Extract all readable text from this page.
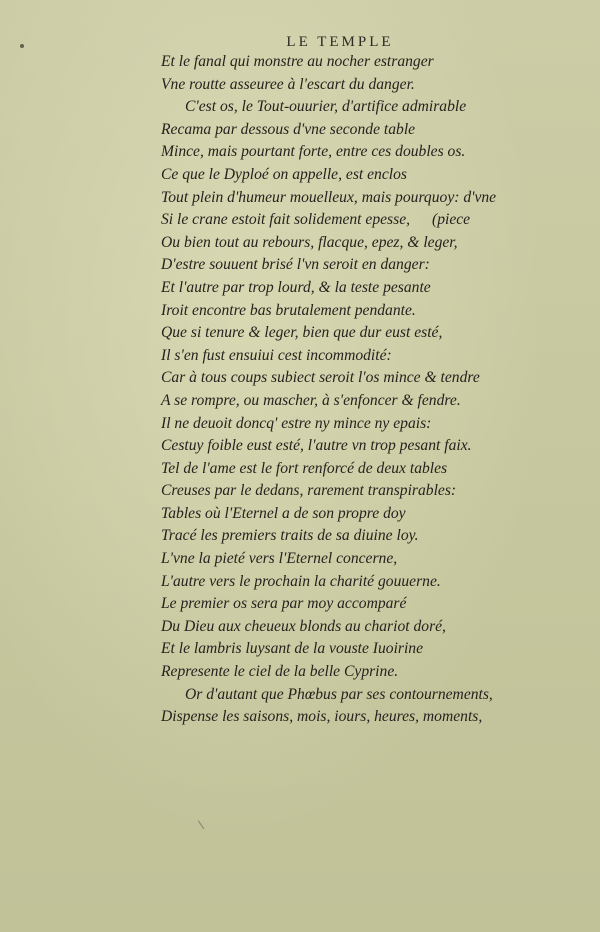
LE TEMPLE
Et le fanal qui monstre au nocher estranger
Vne routte asseuree à l'escart du danger.
C'est os, le Tout-ouurier, d'artifice admirable
Recama par dessous d'vne seconde table
Mince, mais pourtant forte, entre ces doubles os.
Ce que le Dyploé on appelle, est enclos
Tout plein d'humeur mouelleux, mais pourquoy: d'vne
Si le crane estoit fait solidement epesse, (piece
Ou bien tout au rebours, flacque, epez, & leger,
D'estre souuent brisé l'vn seroit en danger:
Et l'autre par trop lourd, & la teste pesante
Iroit encontre bas brutalement pendante.
Que si tenure & leger, bien que dur eust esté,
Il s'en fust ensuiui cest incommodité:
Car à tous coups subiect seroit l'os mince & tendre
A se rompre, ou mascher, à s'enfoncer & fendre.
Il ne deuoit doncq' estre ny mince ny epais:
Cestuy foible eust esté, l'autre vn trop pesant faix.
Tel de l'ame est le fort renforcé de deux tables
Creuses par le dedans, rarement transpirables:
Tables où l'Eternel a de son propre doy
Tracé les premiers traits de sa diuine loy.
L'vne la pieté vers l'Eternel concerne,
L'autre vers le prochain la charité gouuerne.
Le premier os sera par moy accomparé
Du Dieu aux cheueux blonds au chariot doré,
Et le lambris luysant de la vouste Iuoirine
Represente le ciel de la belle Cyprine.
Or d'autant que Phœbus par ses contournements,
Dispense les saisons, mois, iours, heures, moments,
